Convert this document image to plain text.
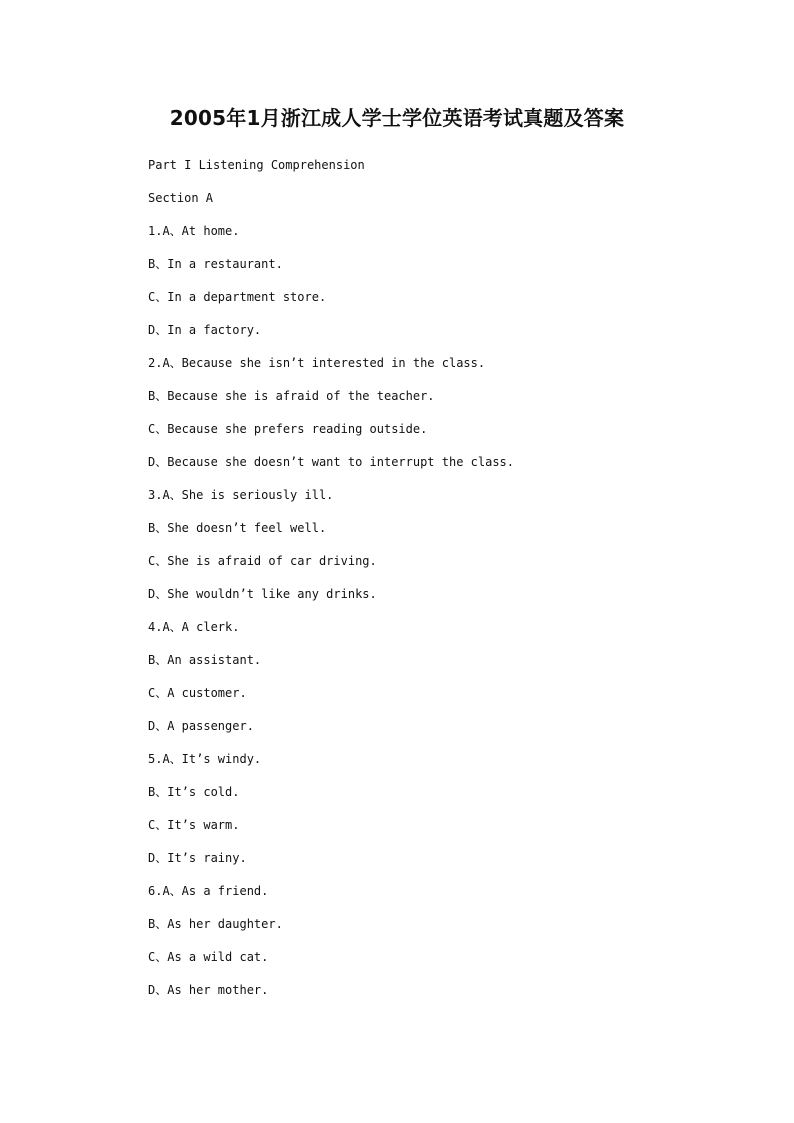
2005年1月浙江成人学士学位英语考试真题及答案
Part I Listening Comprehension
Section A
1.A、At home.
B、In a restaurant.
C、In a department store.
D、In a factory.
2.A、Because she isn’t interested in the class.
B、Because she is afraid of the teacher.
C、Because she prefers reading outside.
D、Because she doesn’t want to interrupt the class.
3.A、She is seriously ill.
B、She doesn’t feel well.
C、She is afraid of car driving.
D、She wouldn’t like any drinks.
4.A、A clerk.
B、An assistant.
C、A customer.
D、A passenger.
5.A、It’s windy.
B、It’s cold.
C、It’s warm.
D、It’s rainy.
6.A、As a friend.
B、As her daughter.
C、As a wild cat.
D、As her mother.
